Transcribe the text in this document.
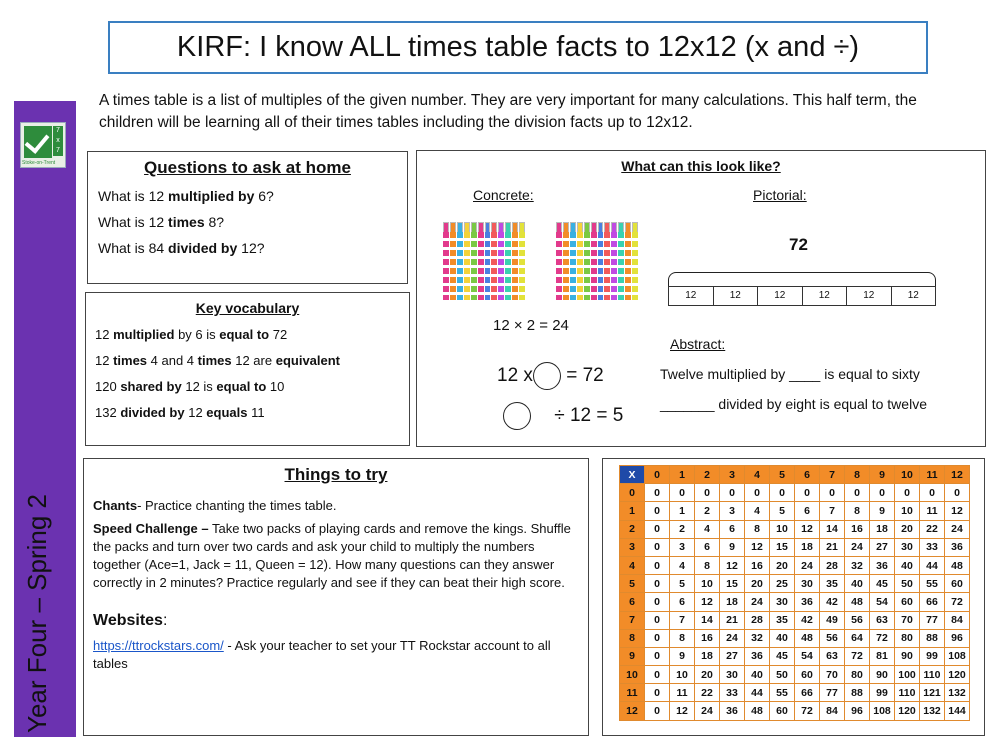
KIRF: I know ALL times table facts to 12x12 (x and ÷)
A times table is a list of multiples of the given number. They are very important for many calculations. This half term, the children will be learning all of their times tables including the division facts up to 12x12.
7
x
7
Stoke-on-Trent
Year Four – Spring 2
Questions to ask at home

What is 12 multiplied by 6?

What is 12 times 8?

What is 84 divided by 12?

Key vocabulary

12 multiplied by 6 is equal to 72

12 times 4 and 4 times 12 are equivalent

120 shared by 12 is equal to 10

132 divided by 12 equals 11

What can this look like?
Concrete:	Pictorial:
12 × 2 = 24
72
12	12	12	12	12	12
Abstract:
Twelve multiplied by ____ is equal to sixty
_______ divided by eight is equal to twelve
12 x = 72
÷ 12 = 5
Things to try

Chants- Practice chanting the times table.

Speed Challenge – Take two packs of playing cards and remove the kings. Shuffle the packs and turn over two cards and ask your child to multiply the numbers together (Ace=1, Jack = 11, Queen = 12). How many questions can they answer correctly in 2 minutes? Practice regularly and see if they can beat their high score.

Websites:

https://ttrockstars.com/ - Ask your teacher to set your TT Rockstar account to all tables

X	0	1	2	3	4	5	6	7	8	9	10	11	12
0	0	0	0	0	0	0	0	0	0	0	0	0	0
1	0	1	2	3	4	5	6	7	8	9	10	11	12
2	0	2	4	6	8	10	12	14	16	18	20	22	24
3	0	3	6	9	12	15	18	21	24	27	30	33	36
4	0	4	8	12	16	20	24	28	32	36	40	44	48
5	0	5	10	15	20	25	30	35	40	45	50	55	60
6	0	6	12	18	24	30	36	42	48	54	60	66	72
7	0	7	14	21	28	35	42	49	56	63	70	77	84
8	0	8	16	24	32	40	48	56	64	72	80	88	96
9	0	9	18	27	36	45	54	63	72	81	90	99	108
10	0	10	20	30	40	50	60	70	80	90	100	110	120
11	0	11	22	33	44	55	66	77	88	99	110	121	132
12	0	12	24	36	48	60	72	84	96	108	120	132	144
